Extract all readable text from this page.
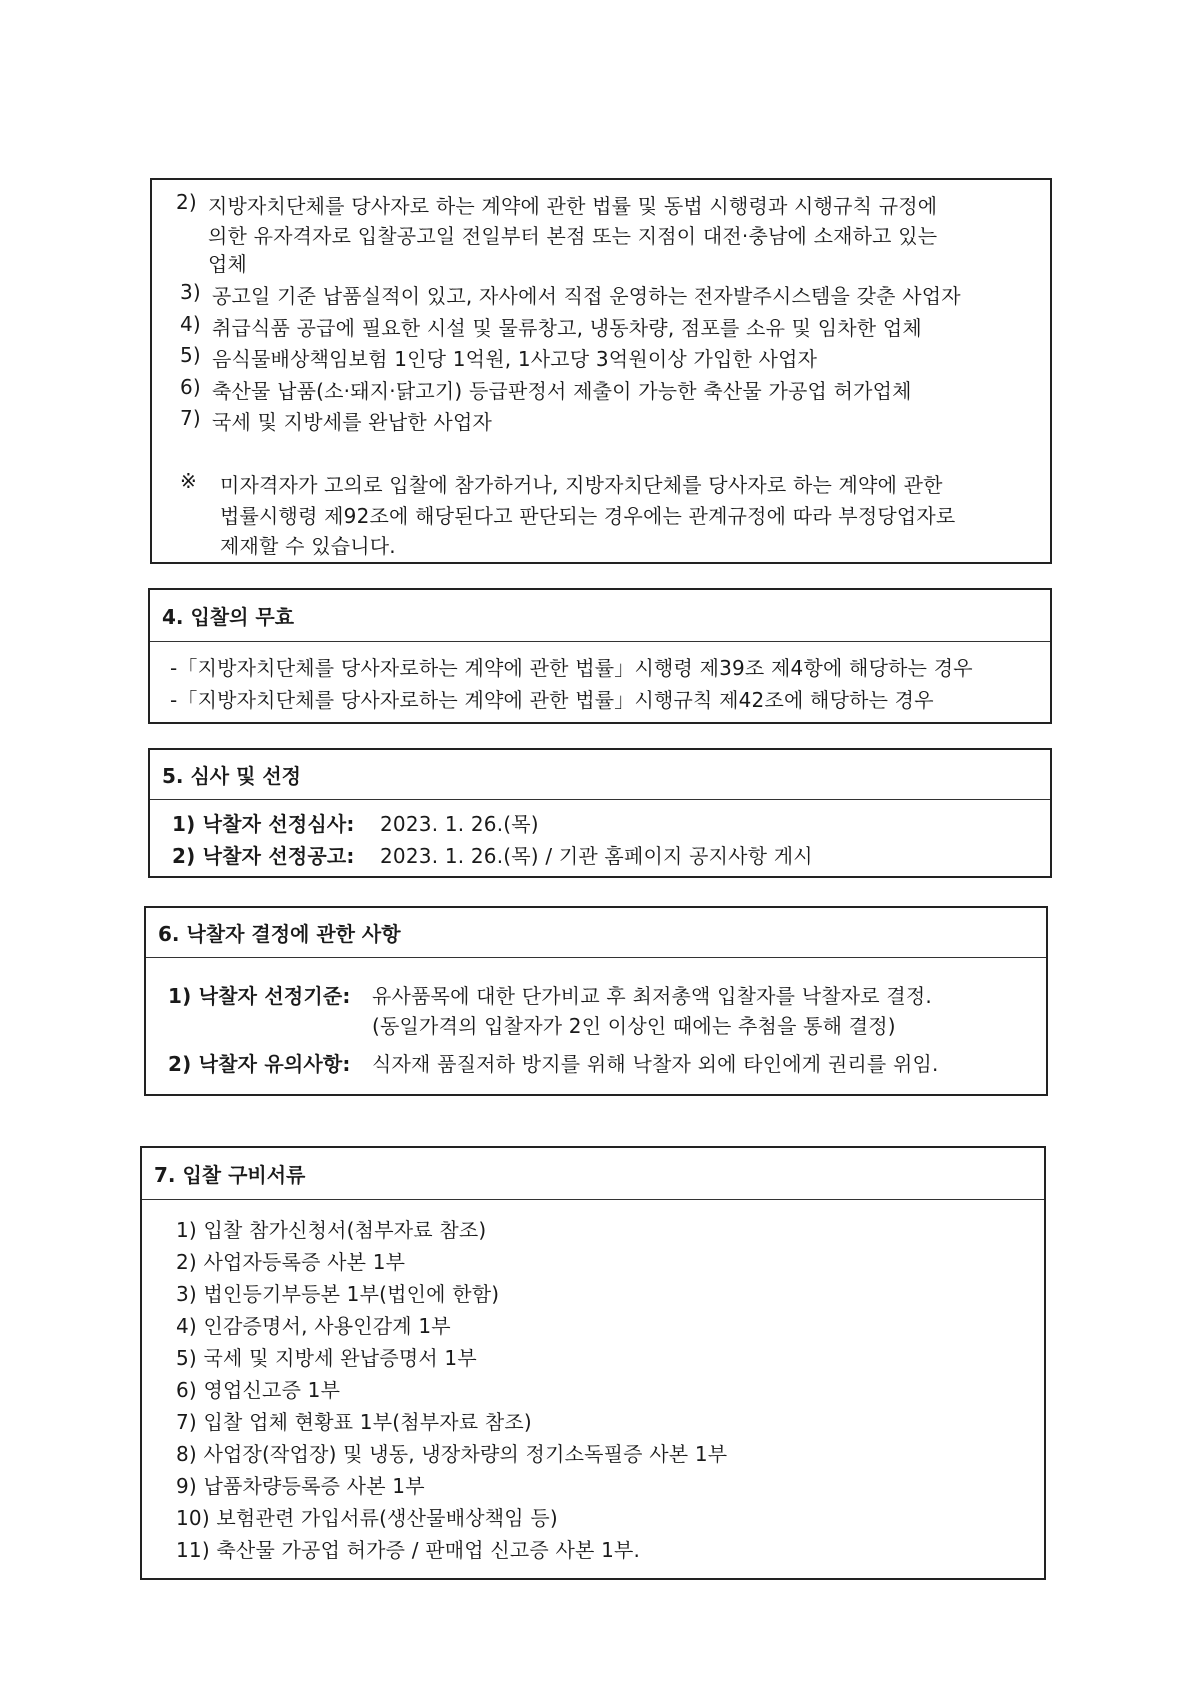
2) 지방자치단체를 당사자로 하는 계약에 관한 법률 및 동법 시행령과 시행규칙 규정에
의한 유자격자로 입찰공고일 전일부터 본점 또는 지점이 대전·충남에 소재하고 있는
업체
3) 공고일 기준 납품실적이 있고, 자사에서 직접 운영하는 전자발주시스템을 갖춘 사업자
4) 취급식품 공급에 필요한 시설 및 물류창고, 냉동차량, 점포를 소유 및 임차한 업체
5) 음식물배상책임보험 1인당 1억원, 1사고당 3억원이상 가입한 사업자
6) 축산물 납품(소·돼지·닭고기) 등급판정서 제출이 가능한 축산물 가공업 허가업체
7) 국세 및 지방세를 완납한 사업자
※ 미자격자가 고의로 입찰에 참가하거나, 지방자치단체를 당사자로 하는 계약에 관한
법률시행령 제92조에 해당된다고 판단되는 경우에는 관계규정에 따라 부정당업자로
제재할 수 있습니다.
4. 입찰의 무효
-「지방자치단체를 당사자로하는 계약에 관한 법률」시행령 제39조 제4항에 해당하는 경우
-「지방자치단체를 당사자로하는 계약에 관한 법률」시행규칙 제42조에 해당하는 경우
5. 심사 및 선정
1) 낙찰자 선정심사: 2023. 1. 26.(목)
2) 낙찰자 선정공고: 2023. 1. 26.(목) / 기관 홈페이지 공지사항 게시
6. 낙찰자 결정에 관한 사항
1) 낙찰자 선정기준: 유사품목에 대한 단가비교 후 최저총액 입찰자를 낙찰자로 결정.
(동일가격의 입찰자가 2인 이상인 때에는 추첨을 통해 결정)
2) 낙찰자 유의사항: 식자재 품질저하 방지를 위해 낙찰자 외에 타인에게 권리를 위임.
7. 입찰 구비서류
1) 입찰 참가신청서(첨부자료 참조)
2) 사업자등록증 사본 1부
3) 법인등기부등본 1부(법인에 한함)
4) 인감증명서, 사용인감계 1부
5) 국세 및 지방세 완납증명서 1부
6) 영업신고증 1부
7) 입찰 업체 현황표 1부(첨부자료 참조)
8) 사업장(작업장) 및 냉동, 냉장차량의 정기소독필증 사본 1부
9) 납품차량등록증 사본 1부
10) 보험관련 가입서류(생산물배상책임 등)
11) 축산물 가공업 허가증 / 판매업 신고증 사본 1부.
